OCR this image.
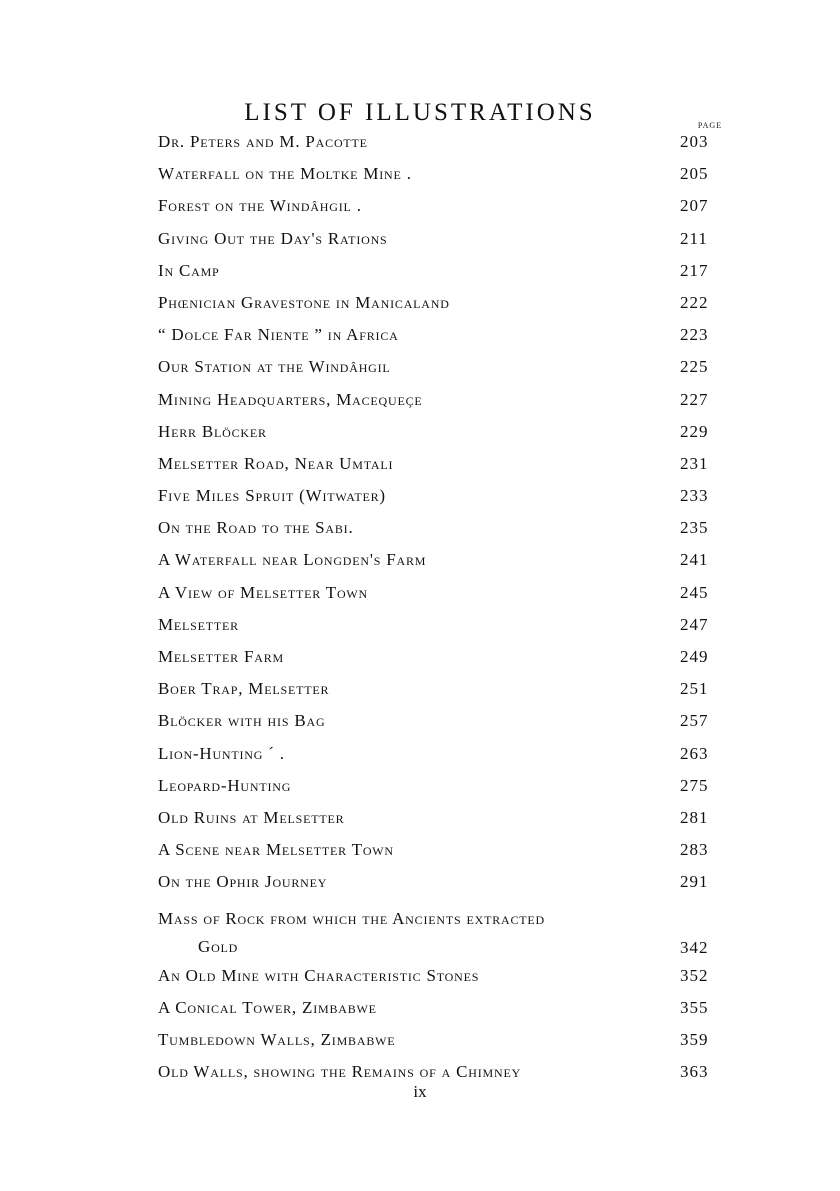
LIST OF ILLUSTRATIONS	PAGE
Dr. Peters and M. Pacotte	203
Waterfall on the Moltke Mine .	205
Forest on the Windâhgil .	207
Giving Out the Day's Rations	211
In Camp	217
Phœnician Gravestone in Manicaland	222
“ Dolce Far Niente ” in Africa	223
Our Station at the Windâhgil	225
Mining Headquarters, Macequeçe	227
Herr Blöcker	229
Melsetter Road, Near Umtali	231
Five Miles Spruit (Witwater)	233
On the Road to the Sabi.	235
A Waterfall near Longden's Farm	241
A View of Melsetter Town	245
Melsetter	247
Melsetter Farm	249
Boer Trap, Melsetter	251
Blöcker with his Bag	257
Lion-Hunting ´ .	263
Leopard-Hunting	275
Old Ruins at Melsetter	281
A Scene near Melsetter Town	283
On the Ophir Journey	291
Mass of Rock from which the Ancients extracted
Gold	342
An Old Mine with Characteristic Stones	352
A Conical Tower, Zimbabwe	355
Tumbledown Walls, Zimbabwe	359
Old Walls, showing the Remains of a Chimney	363
ix
